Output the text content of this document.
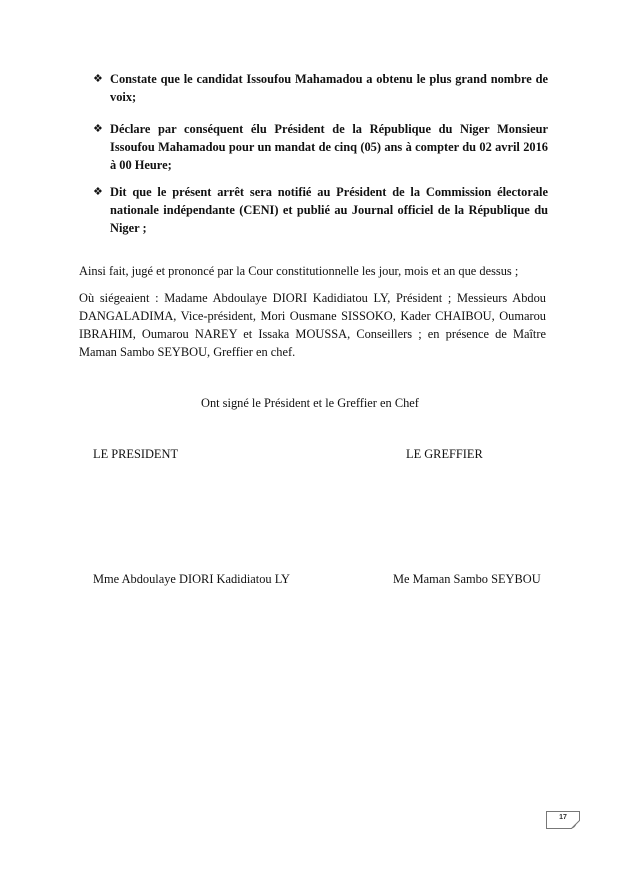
❖ Constate que le candidat Issoufou Mahamadou a obtenu le plus grand nombre de voix;
❖ Déclare par conséquent élu Président de la République du Niger Monsieur Issoufou Mahamadou pour un mandat de cinq (05) ans à compter du 02 avril 2016 à 00 Heure;
❖ Dit que le présent arrêt sera notifié au Président de la Commission électorale nationale indépendante (CENI) et publié au Journal officiel de la République du Niger ;
Ainsi fait, jugé et prononcé par la Cour constitutionnelle les jour, mois et an que dessus ;
Où siégeaient : Madame Abdoulaye DIORI Kadidiatou LY, Président ; Messieurs Abdou DANGALADIMA, Vice-président, Mori Ousmane SISSOKO, Kader CHAIBOU, Oumarou IBRAHIM, Oumarou NAREY et Issaka MOUSSA, Conseillers ; en présence de Maître Maman Sambo SEYBOU, Greffier en chef.
Ont signé le Président et le Greffier en Chef
LE PRESIDENT	LE GREFFIER
Mme Abdoulaye DIORI Kadidiatou LY	Me Maman Sambo SEYBOU
17
